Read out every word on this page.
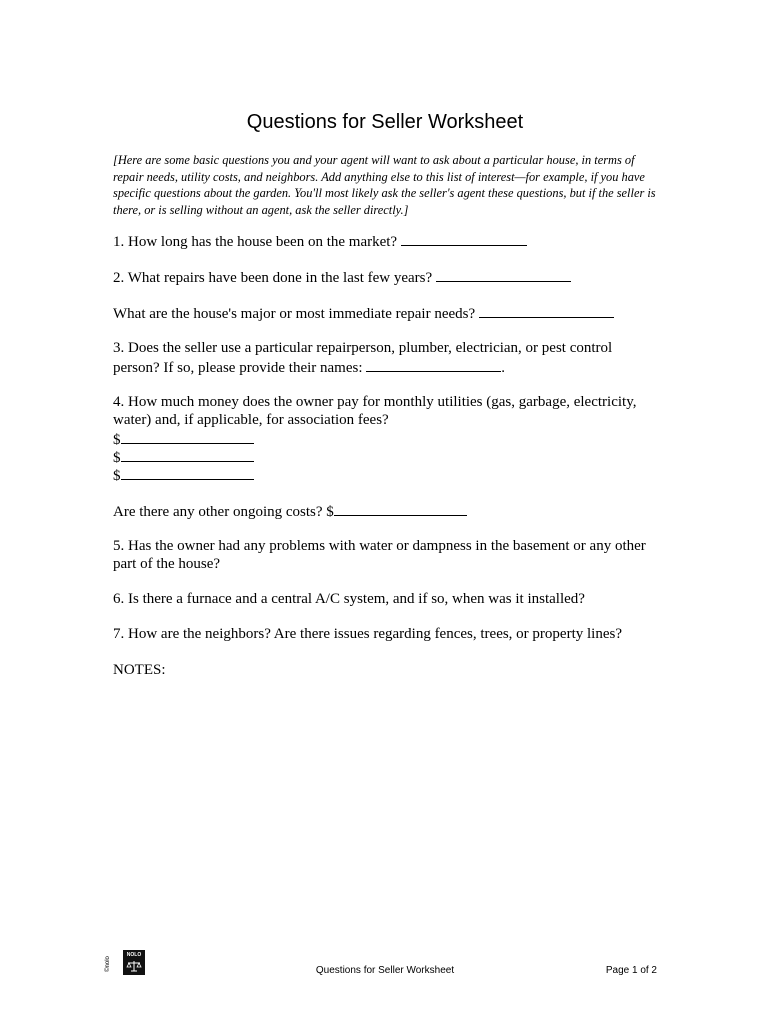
Questions for Seller Worksheet
[Here are some basic questions you and your agent will want to ask about a particular house, in terms of repair needs, utility costs, and neighbors. Add anything else to this list of interest—for example, if you have specific questions about the garden. You'll most likely ask the seller's agent these questions, but if the seller is there, or is selling without an agent, ask the seller directly.]

1. How long has the house been on the market?

2. What repairs have been done in the last few years?

What are the house's major or most immediate repair needs?

3. Does the seller use a particular repairperson, plumber, electrician, or pest control
person? If so, please provide their names:	.

4. How much money does the owner pay for monthly utilities (gas, garbage, electricity,
water) and, if applicable, for association fees?

$
$
$

Are there any other ongoing costs? $

5. Has the owner had any problems with water or dampness in the basement or any other
part of the house?

6. Is there a furnace and a central A/C system, and if so, when was it installed?

7. How are the neighbors? Are there issues regarding fences, trees, or property lines?

NOTES:

©nolo
NOLO
Questions for Seller Worksheet	Page 1 of 2
